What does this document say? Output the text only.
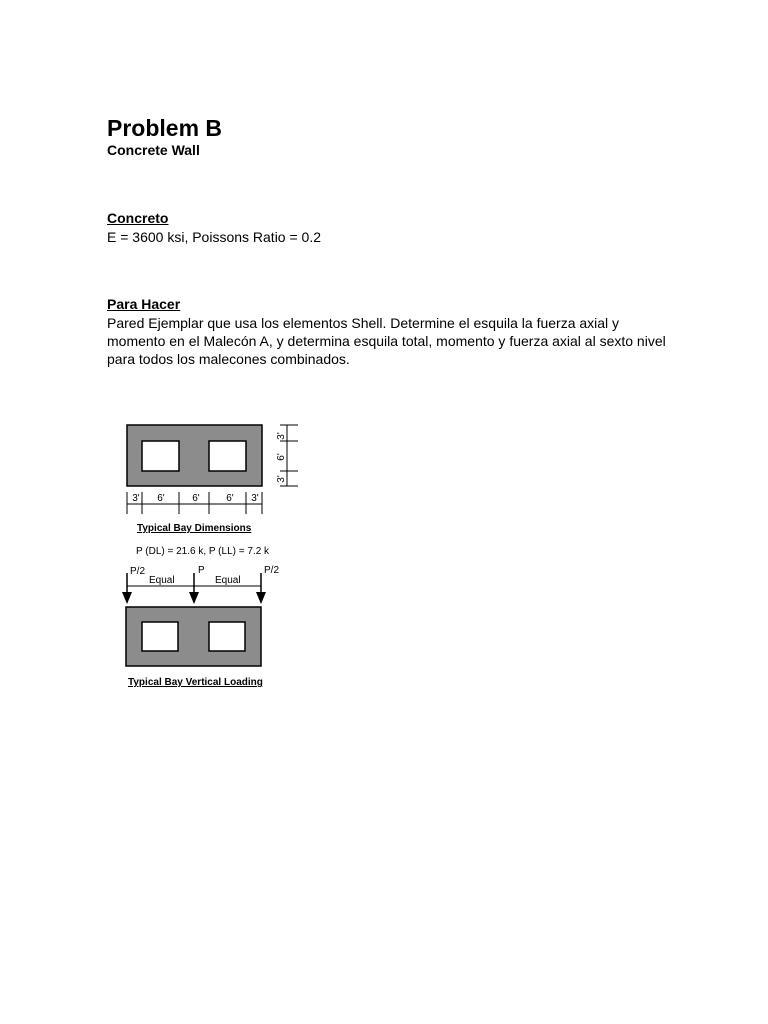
Problem B
Concrete Wall
Concreto

E = 3600 ksi, Poissons Ratio = 0.2

Para Hacer

Pared Ejemplar que usa los elementos Shell. Determine el esquila la fuerza axial y momento en el Malecón A, y determina esquila total, momento y fuerza axial al sexto nivel para todos los malecones combinados.

3'
6'
3'
3' 6'	6'	6' 3'
Typical Bay Dimensions
P (DL) = 21.6 k, P (LL) = 7.2 k
P/2	P	P/2
Equal	Equal
Typical Bay Vertical Loading
